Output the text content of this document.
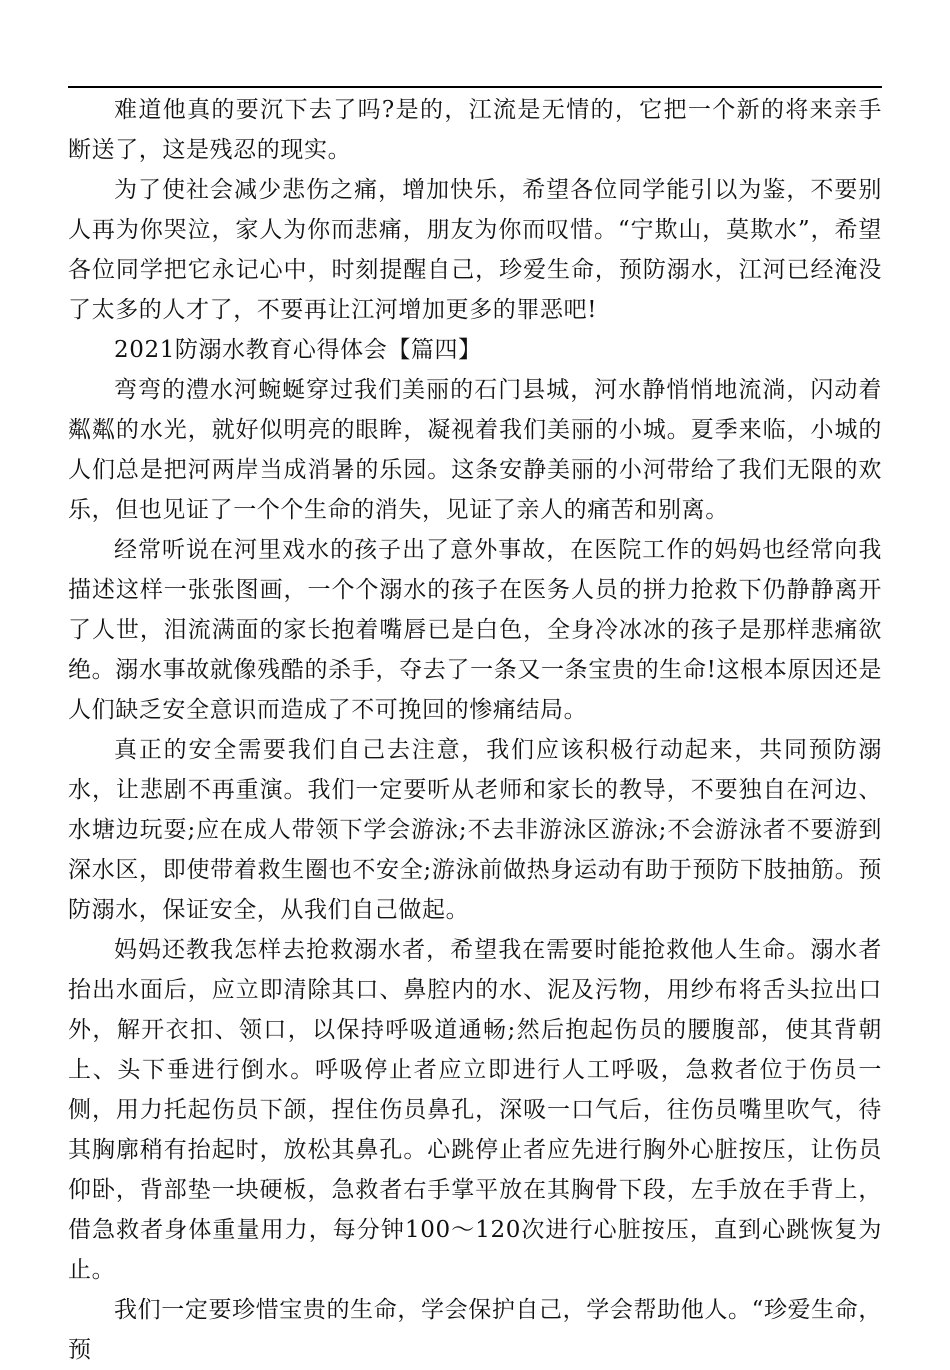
难道他真的要沉下去了吗?是的，江流是无情的，它把一个新的将来亲手断送了，这是残忍的现实。

为了使社会减少悲伤之痛，增加快乐，希望各位同学能引以为鉴，不要别人再为你哭泣，家人为你而悲痛，朋友为你而叹惜。“宁欺山，莫欺水”，希望各位同学把它永记心中，时刻提醒自己，珍爱生命，预防溺水，江河已经淹没了太多的人才了，不要再让江河增加更多的罪恶吧!

2021防溺水教育心得体会【篇四】

弯弯的澧水河蜿蜒穿过我们美丽的石门县城，河水静悄悄地流淌，闪动着粼粼的水光，就好似明亮的眼眸，凝视着我们美丽的小城。夏季来临，小城的人们总是把河两岸当成消暑的乐园。这条安静美丽的小河带给了我们无限的欢乐，但也见证了一个个生命的消失，见证了亲人的痛苦和别离。

经常听说在河里戏水的孩子出了意外事故，在医院工作的妈妈也经常向我描述这样一张张图画，一个个溺水的孩子在医务人员的拼力抢救下仍静静离开了人世，泪流满面的家长抱着嘴唇已是白色，全身冷冰冰的孩子是那样悲痛欲绝。溺水事故就像残酷的杀手，夺去了一条又一条宝贵的生命!这根本原因还是人们缺乏安全意识而造成了不可挽回的惨痛结局。

真正的安全需要我们自己去注意，我们应该积极行动起来，共同预防溺水，让悲剧不再重演。我们一定要听从老师和家长的教导，不要独自在河边、水塘边玩耍;应在成人带领下学会游泳;不去非游泳区游泳;不会游泳者不要游到深水区，即使带着救生圈也不安全;游泳前做热身运动有助于预防下肢抽筋。预防溺水，保证安全，从我们自己做起。

妈妈还教我怎样去抢救溺水者，希望我在需要时能抢救他人生命。溺水者抬出水面后，应立即清除其口、鼻腔内的水、泥及污物，用纱布将舌头拉出口外，解开衣扣、领口，以保持呼吸道通畅;然后抱起伤员的腰腹部，使其背朝上、头下垂进行倒水。呼吸停止者应立即进行人工呼吸，急救者位于伤员一侧，用力托起伤员下颌，捏住伤员鼻孔，深吸一口气后，往伤员嘴里吹气，待其胸廓稍有抬起时，放松其鼻孔。心跳停止者应先进行胸外心脏按压，让伤员仰卧，背部垫一块硬板，急救者右手掌平放在其胸骨下段，左手放在手背上，借急救者身体重量用力，每分钟100～120次进行心脏按压，直到心跳恢复为止。

我们一定要珍惜宝贵的生命，学会保护自己，学会帮助他人。“珍爱生命，预
